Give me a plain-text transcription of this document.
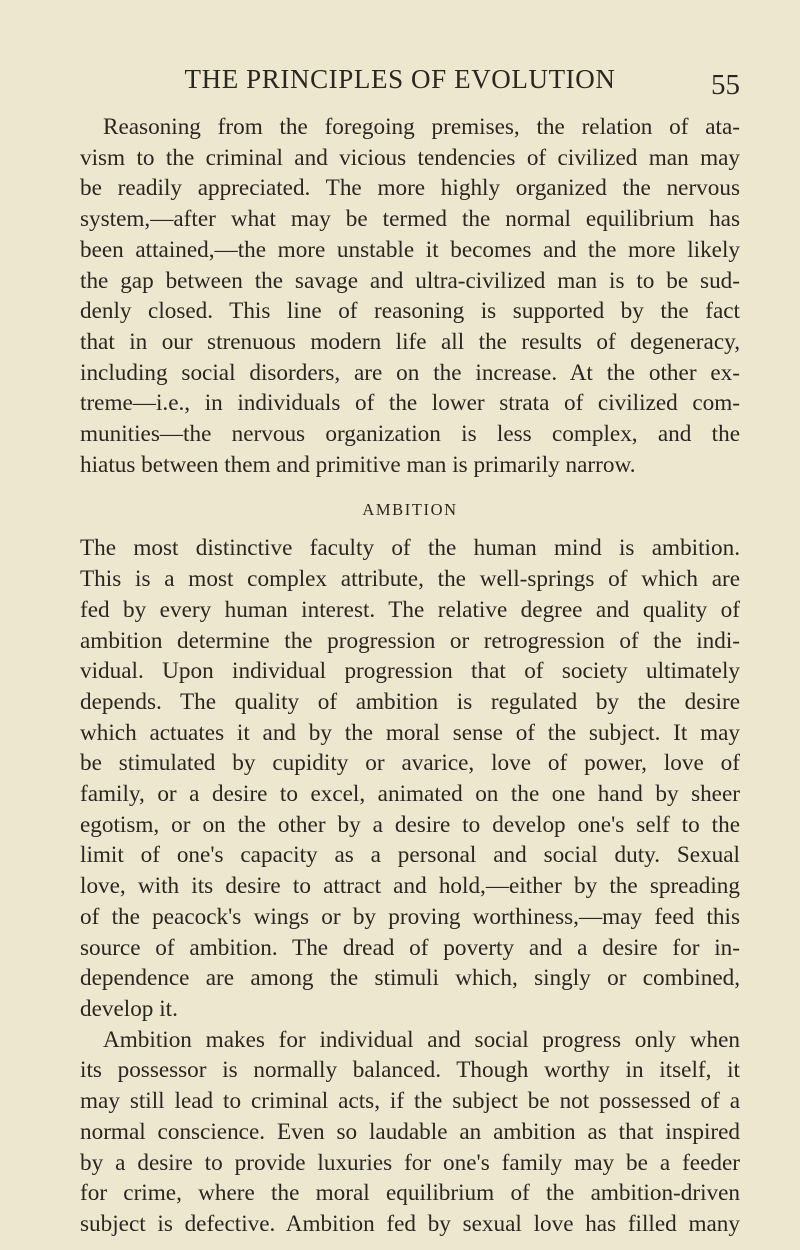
THE PRINCIPLES OF EVOLUTION	55

Reasoning from the foregoing premises, the relation of ata-
vism to the criminal and vicious tendencies of civilized man may
be readily appreciated. The more highly organized the nervous
system,—after what may be termed the normal equilibrium has
been attained,—the more unstable it becomes and the more likely
the gap between the savage and ultra-civilized man is to be sud-
denly closed. This line of reasoning is supported by the fact
that in our strenuous modern life all the results of degeneracy,
including social disorders, are on the increase. At the other ex-
treme—i.e., in individuals of the lower strata of civilized com-
munities—the nervous organization is less complex, and the
hiatus between them and primitive man is primarily narrow.

AMBITION

The most distinctive faculty of the human mind is ambition.
This is a most complex attribute, the well-springs of which are
fed by every human interest. The relative degree and quality of
ambition determine the progression or retrogression of the indi-
vidual. Upon individual progression that of society ultimately
depends. The quality of ambition is regulated by the desire
which actuates it and by the moral sense of the subject. It may
be stimulated by cupidity or avarice, love of power, love of
family, or a desire to excel, animated on the one hand by sheer
egotism, or on the other by a desire to develop one's self to the
limit of one's capacity as a personal and social duty. Sexual
love, with its desire to attract and hold,—either by the spreading
of the peacock's wings or by proving worthiness,—may feed this
source of ambition. The dread of poverty and a desire for in-
dependence are among the stimuli which, singly or combined,
develop it.

Ambition makes for individual and social progress only when
its possessor is normally balanced. Though worthy in itself, it
may still lead to criminal acts, if the subject be not possessed of a
normal conscience. Even so laudable an ambition as that inspired
by a desire to provide luxuries for one's family may be a feeder
for crime, where the moral equilibrium of the ambition-driven
subject is defective. Ambition fed by sexual love has filled many
